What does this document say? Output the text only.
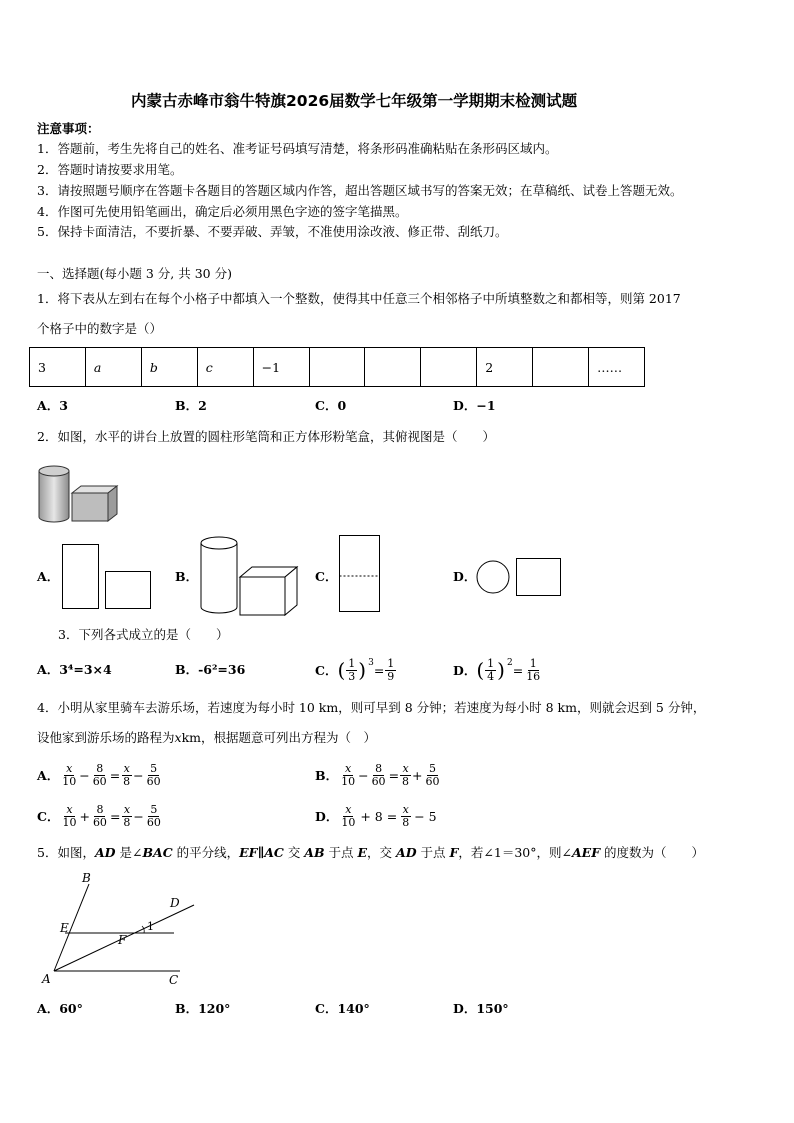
内蒙古赤峰市翁牛特旗2026届数学七年级第一学期期末检测试题
注意事项：
1．答题前，考生先将自己的姓名、准考证号码填写清楚，将条形码准确粘贴在条形码区域内。
2．答题时请按要求用笔。
3．请按照题号顺序在答题卡各题目的答题区域内作答，超出答题区域书写的答案无效；在草稿纸、试卷上答题无效。
4．作图可先使用铅笔画出，确定后必须用黑色字迹的签字笔描黑。
5．保持卡面清洁，不要折暴、不要弄破、弄皱，不准使用涂改液、修正带、刮纸刀。
一、选择题(每小题 3 分, 共 30 分)
1．将下表从左到右在每个小格子中都填入一个整数，使得其中任意三个相邻格子中所填整数之和都相等，则第 2017
个格子中的数字是（）
3	a	b	c	−1				2		……
A．3	B．2	C．0	D．−1
2．如图，水平的讲台上放置的圆柱形笔筒和正方体形粉笔盒，其俯视图是（　　）
A．	B．	C．	D．
3．下列各式成立的是（　　）
A．3⁴=3×4	B．-6²=36	C． ( $\frac{1}{3}$ ) $3 = \frac{1}{9}$	D． ( $\frac{1}{4}$ ) $2 = \frac{1}{16}$
4．小明从家里骑车去游乐场，若速度为每小时 10 km，则可早到 8 分钟；若速度为每小时 8 km，则就会迟到 5 分钟，
设他家到游乐场的路程为xkm，根据题意可列出方程为（　）
A． $\frac{x}{10} - \frac{8}{60} = \frac{x}{8} - \frac{5}{60}$	B． $\frac{x}{10} - \frac{8}{60} = \frac{x}{8} + \frac{5}{60}$
C． $\frac{x}{10} + \frac{8}{60} = \frac{x}{8} - \frac{5}{60}$	D． $\frac{x}{10} + 8 = \frac{x}{8} - 5$
5．如图，AD 是∠BAC 的平分线，EF∥AC 交 AB 于点 E，交 AD 于点 F，若∠1＝30°，则∠AEF 的度数为（　　）
B
D
E
F
1
A	C
A．60°	B．120°	C．140°	D．150°
